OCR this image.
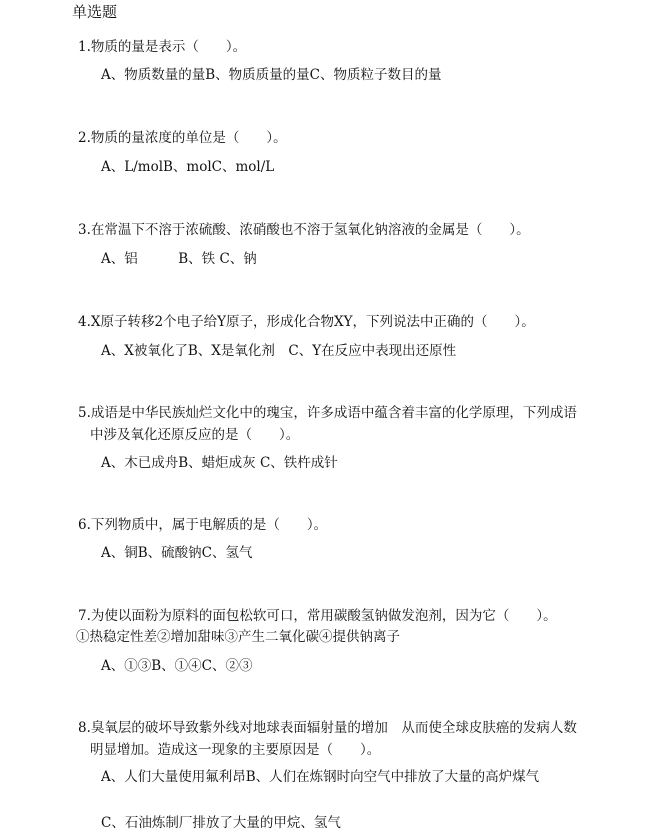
单选题
1.物质的量是表示（　　）。
A、物质数量的量B、物质质量的量C、物质粒子数目的量
2.物质的量浓度的单位是（　　）。
A、L/molB、molC、mol/L
3.在常温下不溶于浓硫酸、浓硝酸也不溶于氢氧化钠溶液的金属是（　　）。
A、铝　　　B、铁 C、钠
4.X原子转移2个电子给Y原子，形成化合物XY，下列说法中正确的（　　）。
A、X被氧化了B、X是氧化剂　C、Y在反应中表现出还原性
5.成语是中华民族灿烂文化中的瑰宝，许多成语中蕴含着丰富的化学原理，下列成语
中涉及氧化还原反应的是（　　）。
A、木已成舟B、蜡炬成灰 C、铁杵成针
6.下列物质中，属于电解质的是（　　）。
A、铜B、硫酸钠C、氢气
7.为使以面粉为原料的面包松软可口，常用碳酸氢钠做发泡剂，因为它（　　）。
①热稳定性差②增加甜味③产生二氧化碳④提供钠离子
A、①③B、①④C、②③
8.臭氧层的破坏导致紫外线对地球表面辐射量的增加　从而使全球皮肤癌的发病人数
明显增加。造成这一现象的主要原因是（　　）。
A、人们大量使用氟利昂B、人们在炼钢时向空气中排放了大量的高炉煤气
C、石油炼制厂排放了大量的甲烷、氢气
